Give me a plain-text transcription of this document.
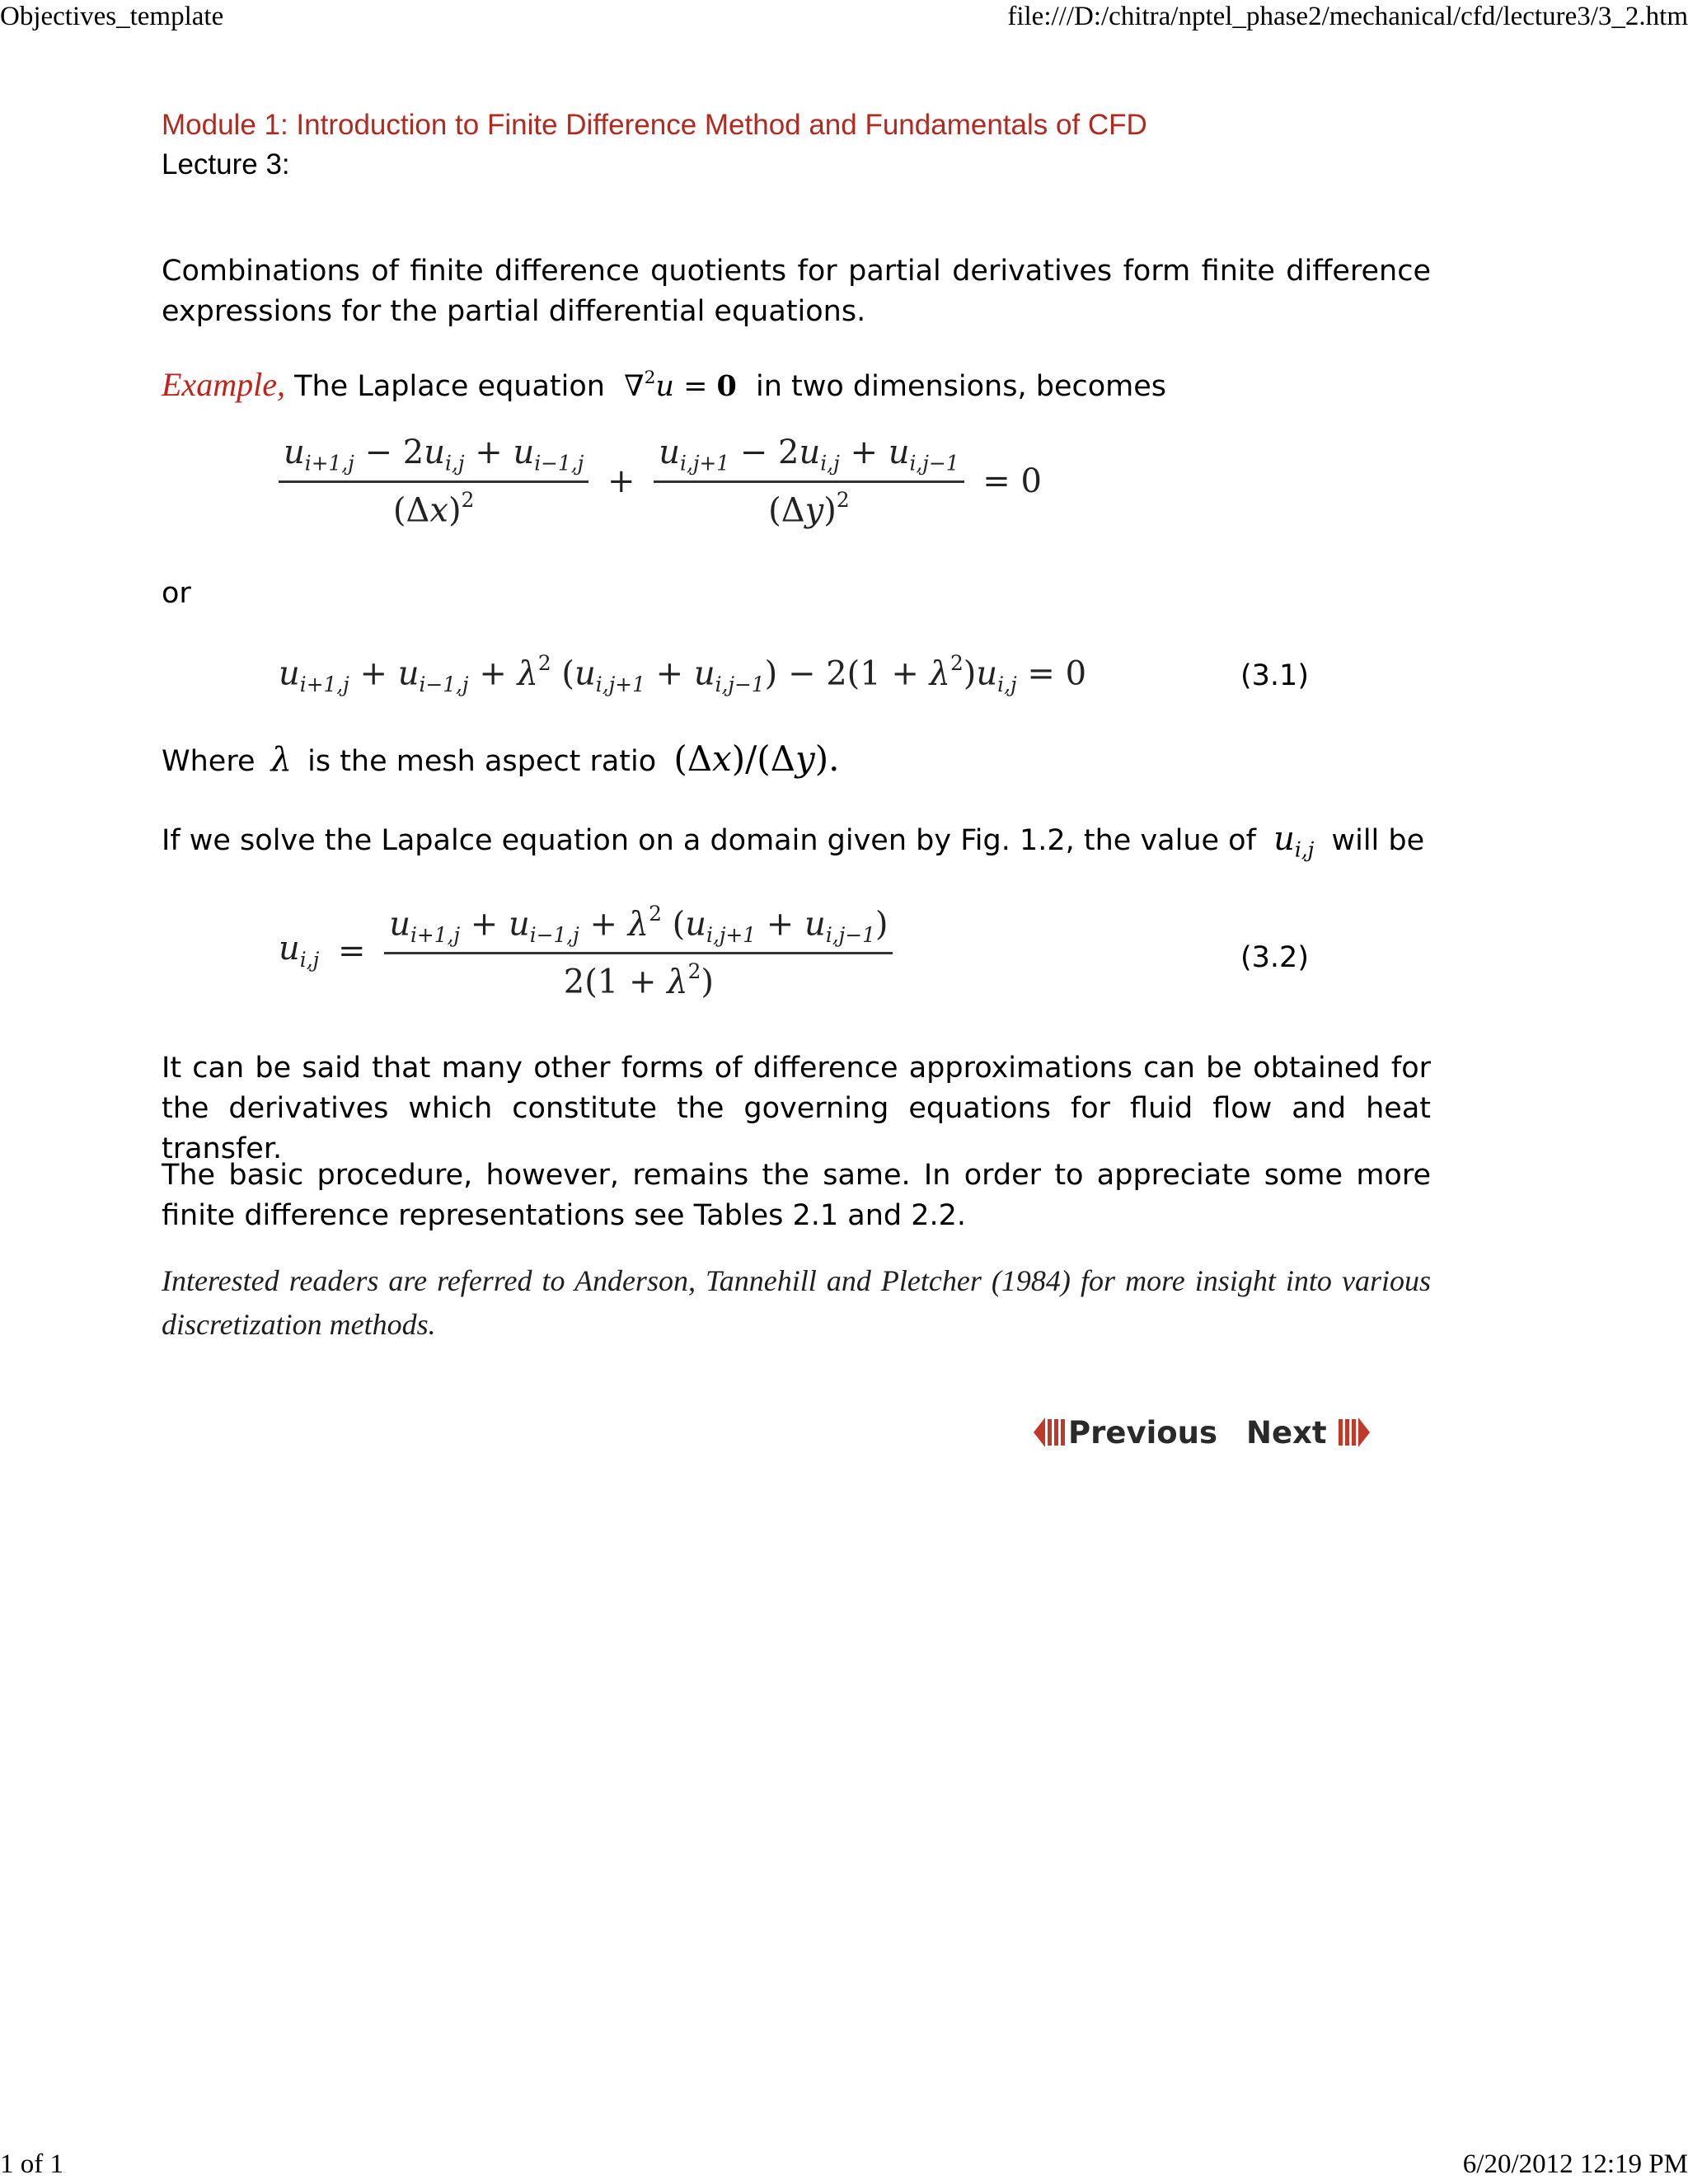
Objectives_template	file:///D:/chitra/nptel_phase2/mechanical/cfd/lecture3/3_2.htm
Module 1: Introduction to Finite Difference Method and Fundamentals of CFD
Lecture 3:
Combinations of finite difference quotients for partial derivatives form finite difference expressions for the partial differential equations.
Example, The Laplace equation ∇$^2$u = 0 in two dimensions, becomes
$\frac{u_{i+1,j} - 2u_{i,j} + u_{i-1,j}}{(\Delta x)^2} + \frac{u_{i,j+1} - 2u_{i,j} + u_{i,j-1}}{(\Delta y)^2} = 0$
or
$u_{i+1,j} + u_{i-1,j} + \lambda^2$ $(u_{i,j+1} + u_{i,j-1}) - 2(1 + \lambda^2)u_{i,j} = 0$	(3.1)
Where λ is the mesh aspect ratio (Δx)/(Δy).
If we solve the Lapalce equation on a domain given by Fig. 1.2, the value of $u_{i,j}$ will be
$u_{i,j} = \frac{u_{i+1,j} + u_{i-1,j} + \lambda^2 (u_{i,j+1} + u_{i,j-1})}{2(1 + \lambda^2)}$	(3.2)
It can be said that many other forms of difference approximations can be obtained for the derivatives which constitute the governing equations for fluid flow and heat transfer.
The basic procedure, however, remains the same. In order to appreciate some more finite difference representations see Tables 2.1 and 2.2.
Interested readers are referred to Anderson, Tannehill and Pletcher (1984) for more insight into various discretization methods.
Previous Next
1 of 1	6/20/2012 12:19 PM
